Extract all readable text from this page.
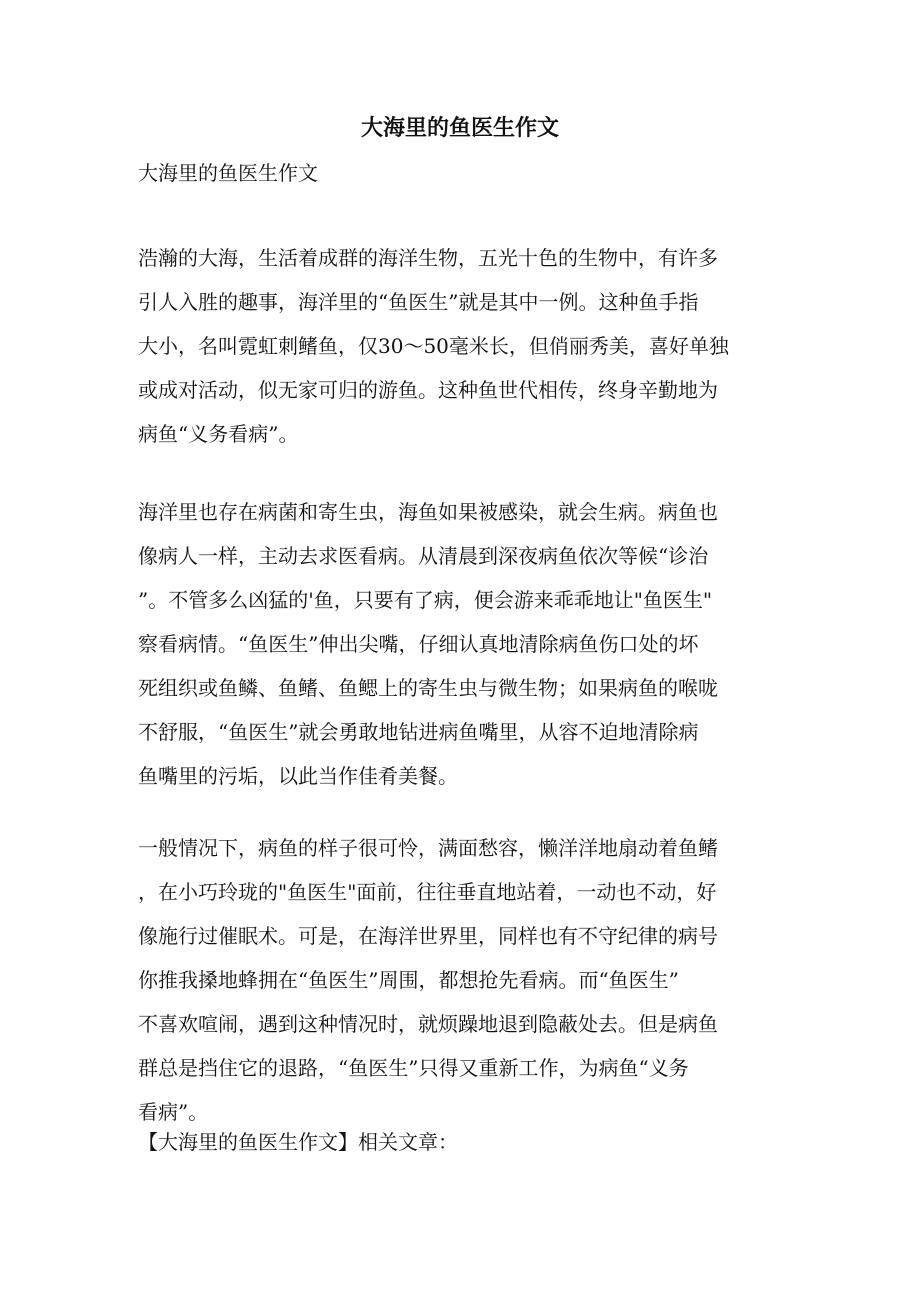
大海里的鱼医生作文

大海里的鱼医生作文

浩瀚的大海，生活着成群的海洋生物，五光十色的生物中，有许多
引人入胜的趣事，海洋里的“鱼医生”就是其中一例。这种鱼手指
大小，名叫霓虹刺鳍鱼，仅30～50毫米长，但俏丽秀美，喜好单独
或成对活动，似无家可归的游鱼。这种鱼世代相传，终身辛勤地为
病鱼“义务看病”。
海洋里也存在病菌和寄生虫，海鱼如果被感染，就会生病。病鱼也
像病人一样，主动去求医看病。从清晨到深夜病鱼依次等候“诊治
”。不管多么凶猛的'鱼，只要有了病，便会游来乖乖地让"鱼医生"
察看病情。“鱼医生”伸出尖嘴，仔细认真地清除病鱼伤口处的坏
死组织或鱼鳞、鱼鳍、鱼鳃上的寄生虫与微生物；如果病鱼的喉咙
不舒服，“鱼医生”就会勇敢地钻进病鱼嘴里，从容不迫地清除病
鱼嘴里的污垢，以此当作佳肴美餐。
一般情况下，病鱼的样子很可怜，满面愁容，懒洋洋地扇动着鱼鳍
，在小巧玲珑的"鱼医生"面前，往往垂直地站着，一动也不动，好
像施行过催眠术。可是，在海洋世界里，同样也有不守纪律的病号
你推我搡地蜂拥在“鱼医生”周围，都想抢先看病。而“鱼医生”
不喜欢喧闹，遇到这种情况时，就烦躁地退到隐蔽处去。但是病鱼
群总是挡住它的退路，“鱼医生”只得又重新工作，为病鱼“义务
看病”。

【大海里的鱼医生作文】相关文章：
